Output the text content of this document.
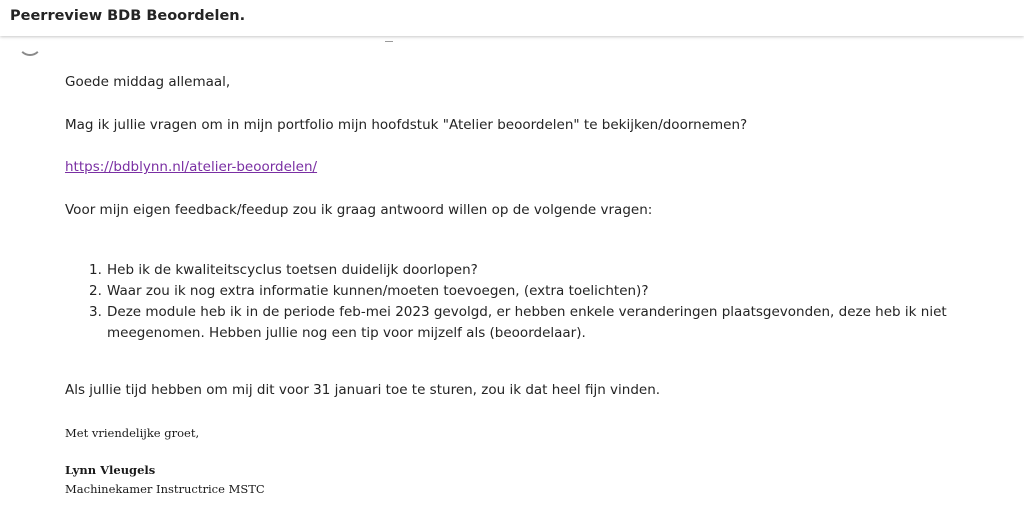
Peerreview BDB Beoordelen.
Goede middag allemaal,
Mag ik jullie vragen om in mijn portfolio mijn hoofdstuk "Atelier beoordelen" te bekijken/doornemen?
https://bdblynn.nl/atelier-beoordelen/
Voor mijn eigen feedback/feedup zou ik graag antwoord willen op de volgende vragen:
1. Heb ik de kwaliteitscyclus toetsen duidelijk doorlopen?
2. Waar zou ik nog extra informatie kunnen/moeten toevoegen, (extra toelichten)?
3. Deze module heb ik in de periode feb-mei 2023 gevolgd, er hebben enkele veranderingen plaatsgevonden, deze heb ik niet meegenomen. Hebben jullie nog een tip voor mijzelf als (beoordelaar).
Als jullie tijd hebben om mij dit voor 31 januari toe te sturen, zou ik dat heel fijn vinden.
Met vriendelijke groet,
Lynn Vleugels
Machinekamer Instructrice MSTC
